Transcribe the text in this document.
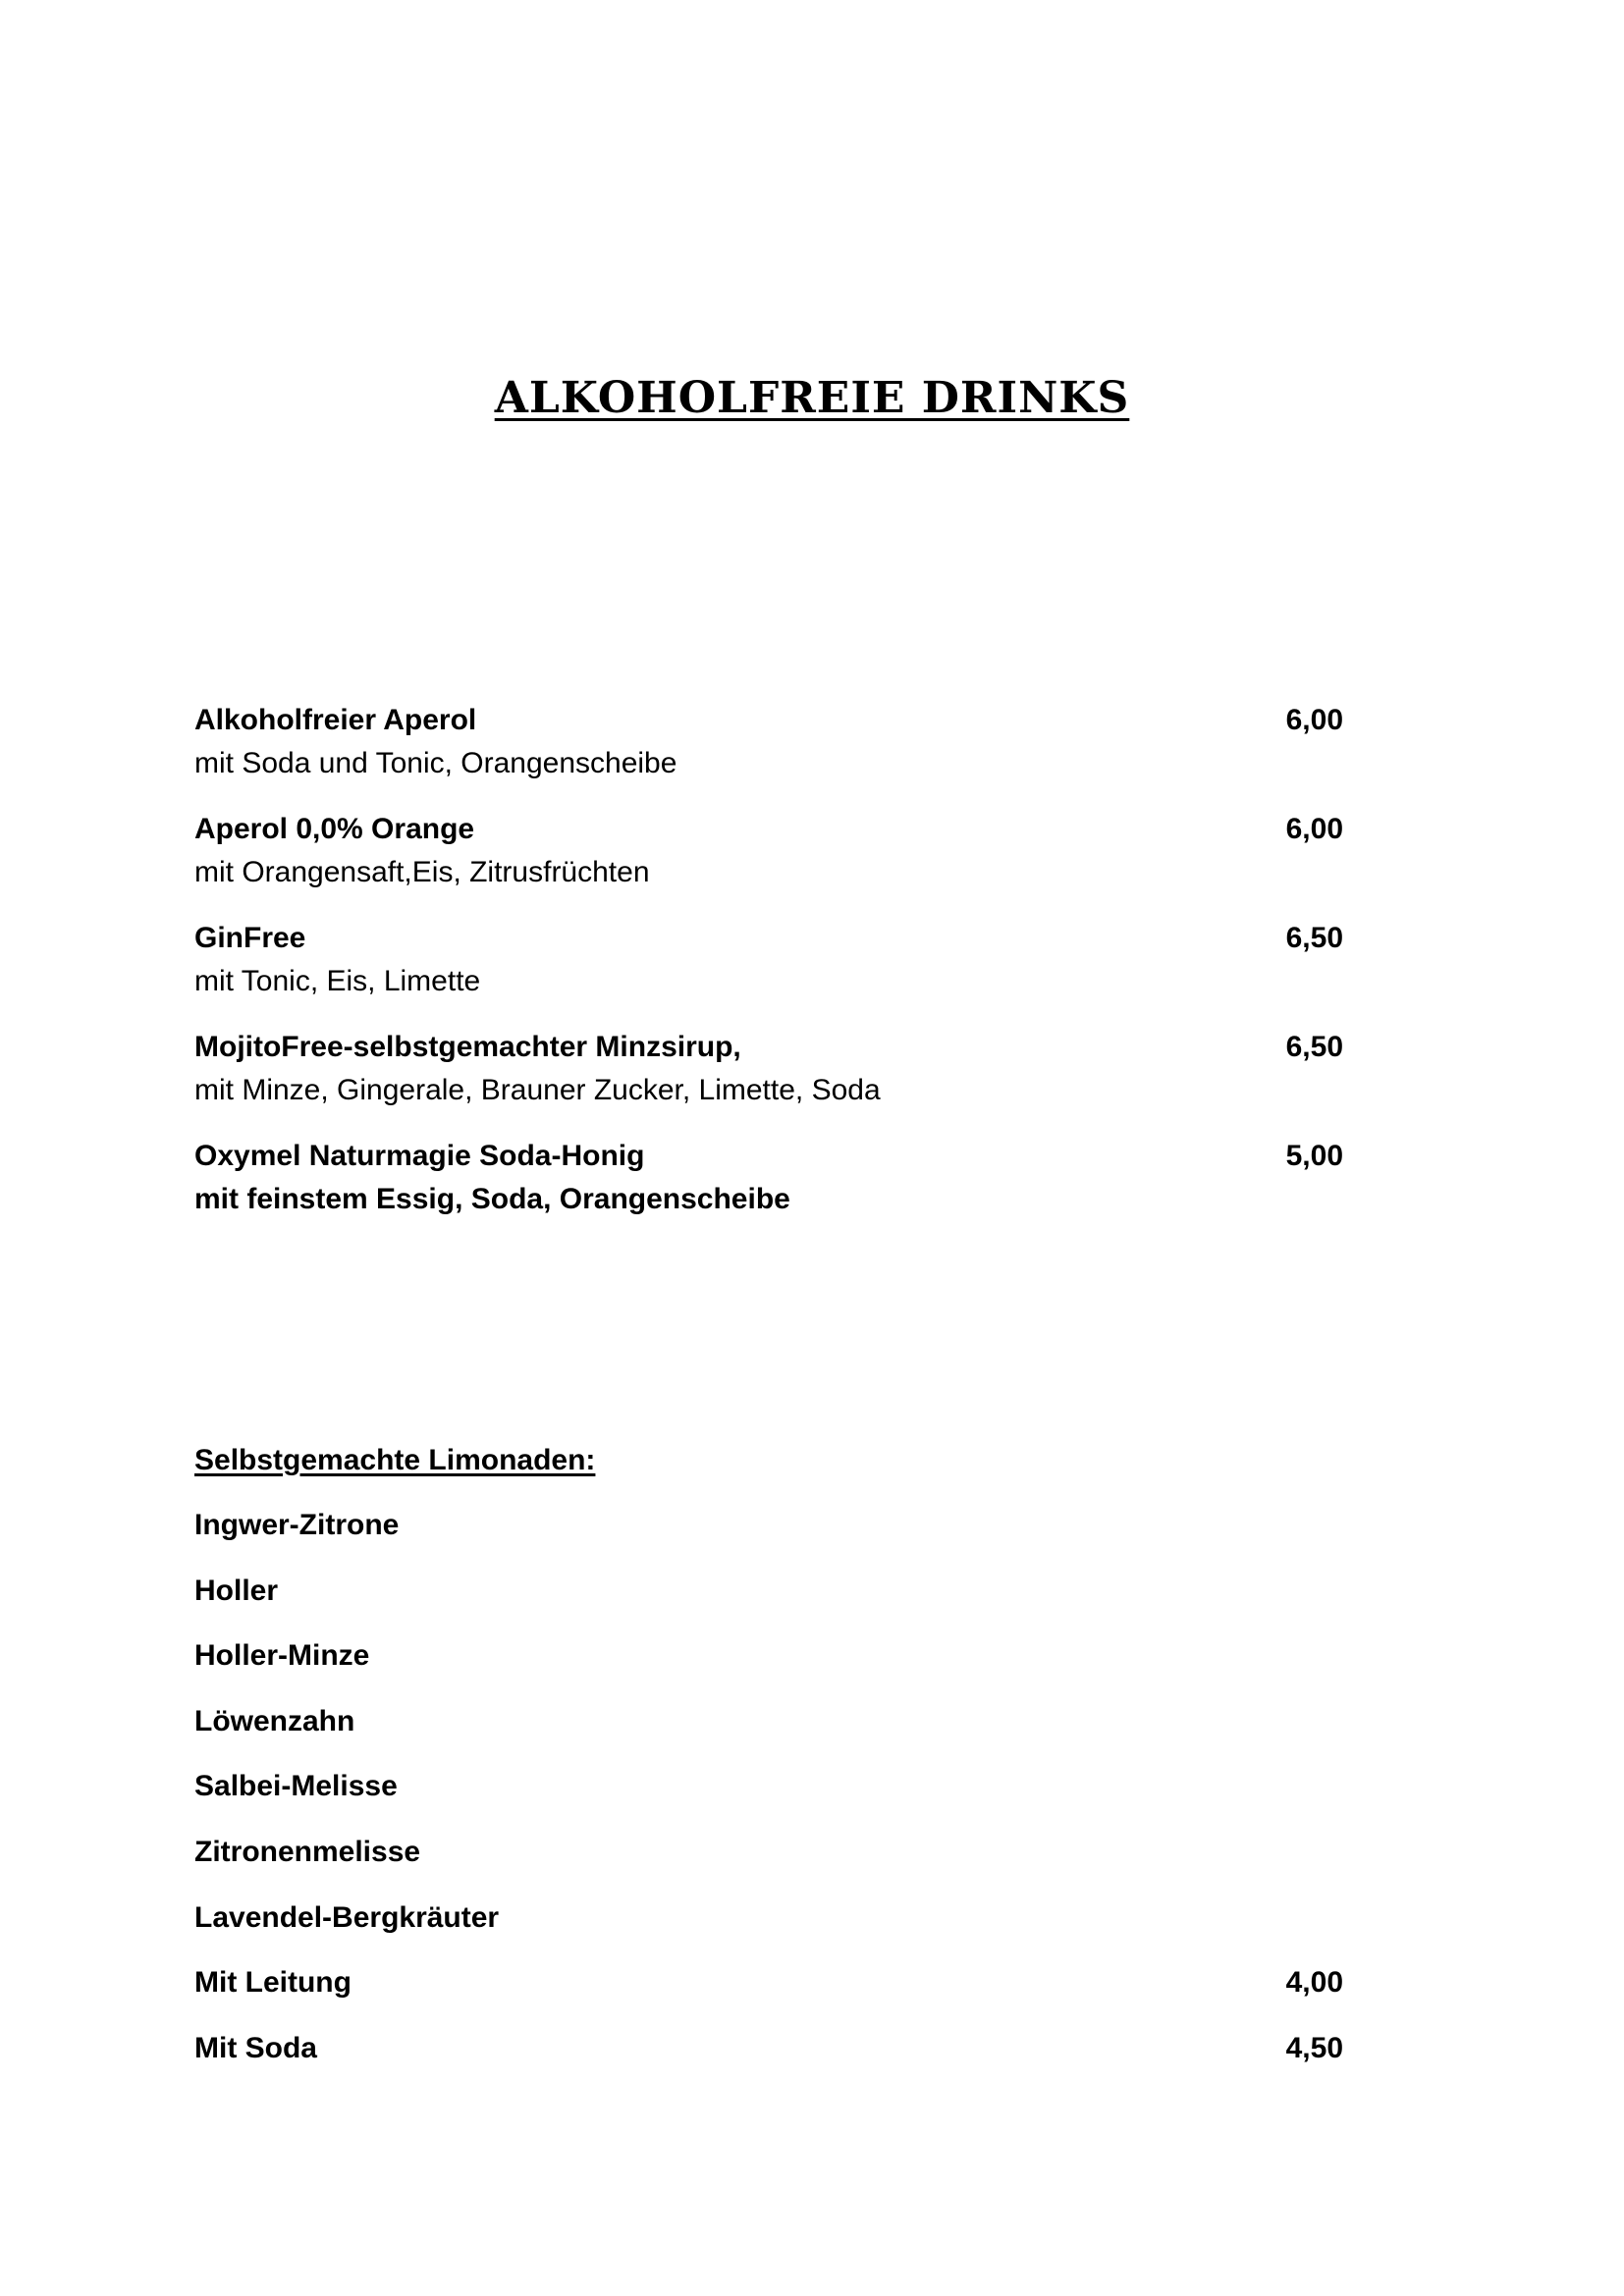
ALKOHOLFREIE DRINKS
Alkoholfreier Aperol
mit Soda und Tonic, Orangenscheibe
6,00
Aperol 0,0% Orange
mit Orangensaft,Eis, Zitrusfrüchten
6,00
GinFree
mit Tonic, Eis, Limette
6,50
MojitoFree-selbstgemachter Minzsirup,
mit Minze, Gingerale, Brauner Zucker, Limette, Soda
6,50
Oxymel Naturmagie Soda-Honig
mit feinstem Essig, Soda, Orangenscheibe
5,00
Selbstgemachte Limonaden:
Ingwer-Zitrone
Holler
Holler-Minze
Löwenzahn
Salbei-Melisse
Zitronenmelisse
Lavendel-Bergkräuter
Mit Leitung	4,00
Mit Soda	4,50
